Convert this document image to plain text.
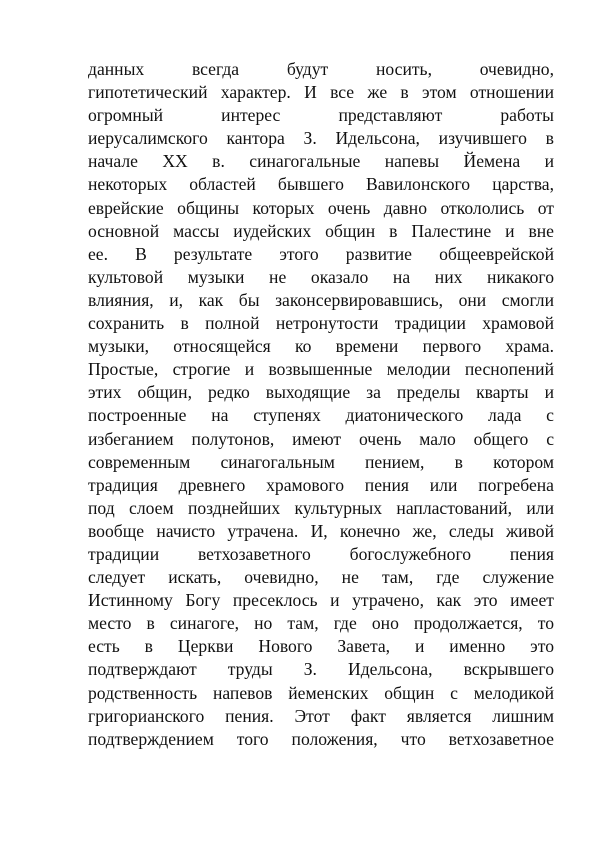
данных всегда будут носить, очевидно,
гипотетический характер. И все же в этом отношении
огромный интерес представляют работы
иерусалимского кантора З. Идельсона, изучившего в
начале XX в. синагогальные напевы Йемена и
некоторых областей бывшего Вавилонского царства,
еврейские общины которых очень давно откололись от
основной массы иудейских общин в Палестине и вне
ее. В результате этого развитие общееврейской
культовой музыки не оказало на них никакого
влияния, и, как бы законсервировавшись, они смогли
сохранить в полной нетронутости традиции храмовой
музыки, относящейся ко времени первого храма.
Простые, строгие и возвышенные мелодии песнопений
этих общин, редко выходящие за пределы кварты и
построенные на ступенях диатонического лада с
избеганием полутонов, имеют очень мало общего с
современным синагогальным пением, в котором
традиция древнего храмового пения или погребена
под слоем позднейших культурных напластований, или
вообще начисто утрачена. И, конечно же, следы живой
традиции ветхозаветного богослужебного пения
следует искать, очевидно, не там, где служение
Истинному Богу пресеклось и утрачено, как это имеет
место в синагоге, но там, где оно продолжается, то
есть в Церкви Нового Завета, и именно это
подтверждают труды З. Идельсона, вскрывшего
родственность напевов йеменских общин с мелодикой
григорианского пения. Этот факт является лишним
подтверждением того положения, что ветхозаветное
